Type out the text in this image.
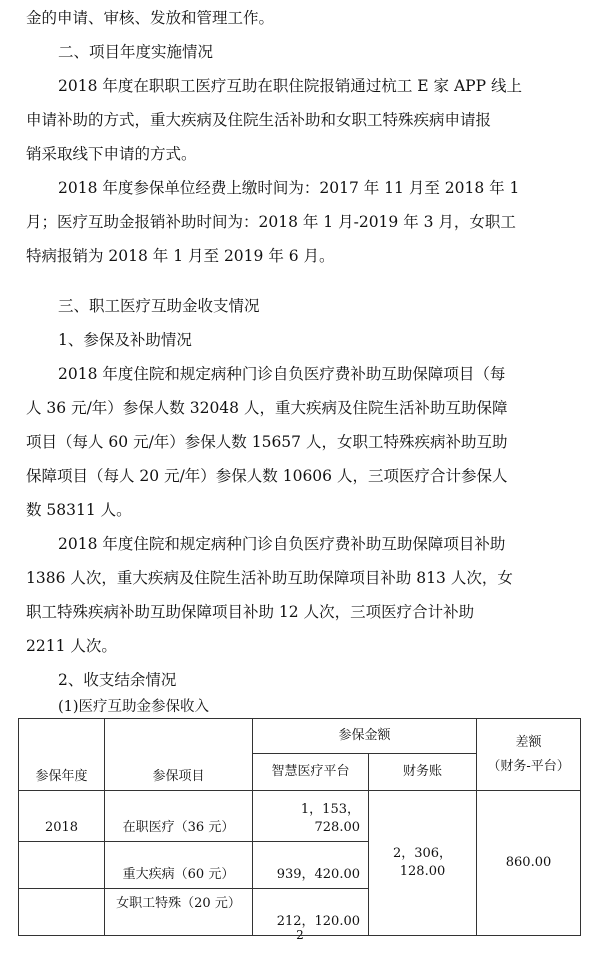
金的申请、审核、发放和管理工作。
二、项目年度实施情况
2018 年度在职职工医疗互助在职住院报销通过杭工 E 家 APP 线上
申请补助的方式，重大疾病及住院生活补助和女职工特殊疾病申请报
销采取线下申请的方式。
2018 年度参保单位经费上缴时间为：2017 年 11 月至 2018 年 1
月；医疗互助金报销补助时间为：2018 年 1 月-2019 年 3 月，女职工
特病报销为 2018 年 1 月至 2019 年 6 月。
三、职工医疗互助金收支情况
1、参保及补助情况
2018 年度住院和规定病种门诊自负医疗费补助互助保障项目（每
人 36 元/年）参保人数 32048 人，重大疾病及住院生活补助互助保障
项目（每人 60 元/年）参保人数 15657 人，女职工特殊疾病补助互助
保障项目（每人 20 元/年）参保人数 10606 人，三项医疗合计参保人
数 58311 人。
2018 年度住院和规定病种门诊自负医疗费补助互助保障项目补助
1386 人次，重大疾病及住院生活补助互助保障项目补助 813 人次，女
职工特殊疾病补助互助保障项目补助 12 人次，三项医疗合计补助
2211 人次。
2、收支结余情况
(1)医疗互助金参保收入
参保年度	参保项目	参保金额		差额
（财务-平台）

		智慧医疗平台	财务账	
2018	在职医疗（36 元）	1，153，728.00	2，306，128.00	860.00
	重大疾病（60 元）	939，420.00		
	女职工特殊（20 元）	212，120.00		
2
